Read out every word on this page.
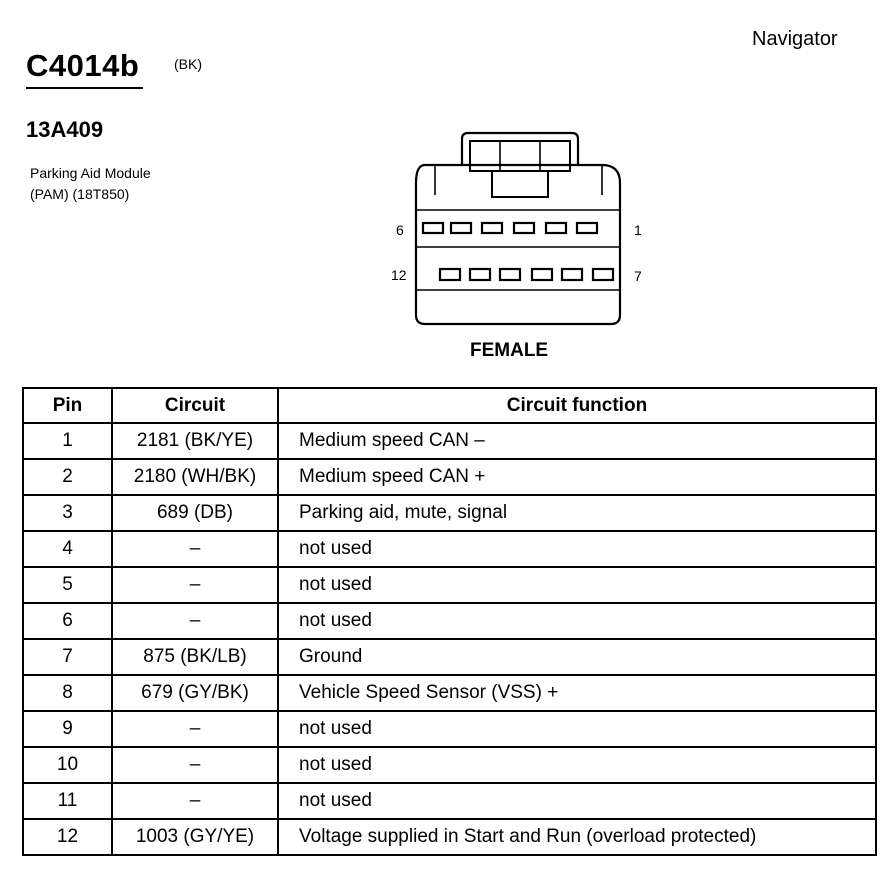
Navigator
C4014b (BK)
13A409
Parking Aid Module
(PAM) (18T850)
6	1
12	7
FEMALE
Pin	Circuit	Circuit function
1	2181 (BK/YE)	Medium speed CAN –
2	2180 (WH/BK)	Medium speed CAN +
3	689 (DB)	Parking aid, mute, signal
4	–	not used
5	–	not used
6	–	not used
7	875 (BK/LB)	Ground
8	679 (GY/BK)	Vehicle Speed Sensor (VSS) +
9	–	not used
10	–	not used
11	–	not used
12	1003 (GY/YE)	Voltage supplied in Start and Run (overload protected)
